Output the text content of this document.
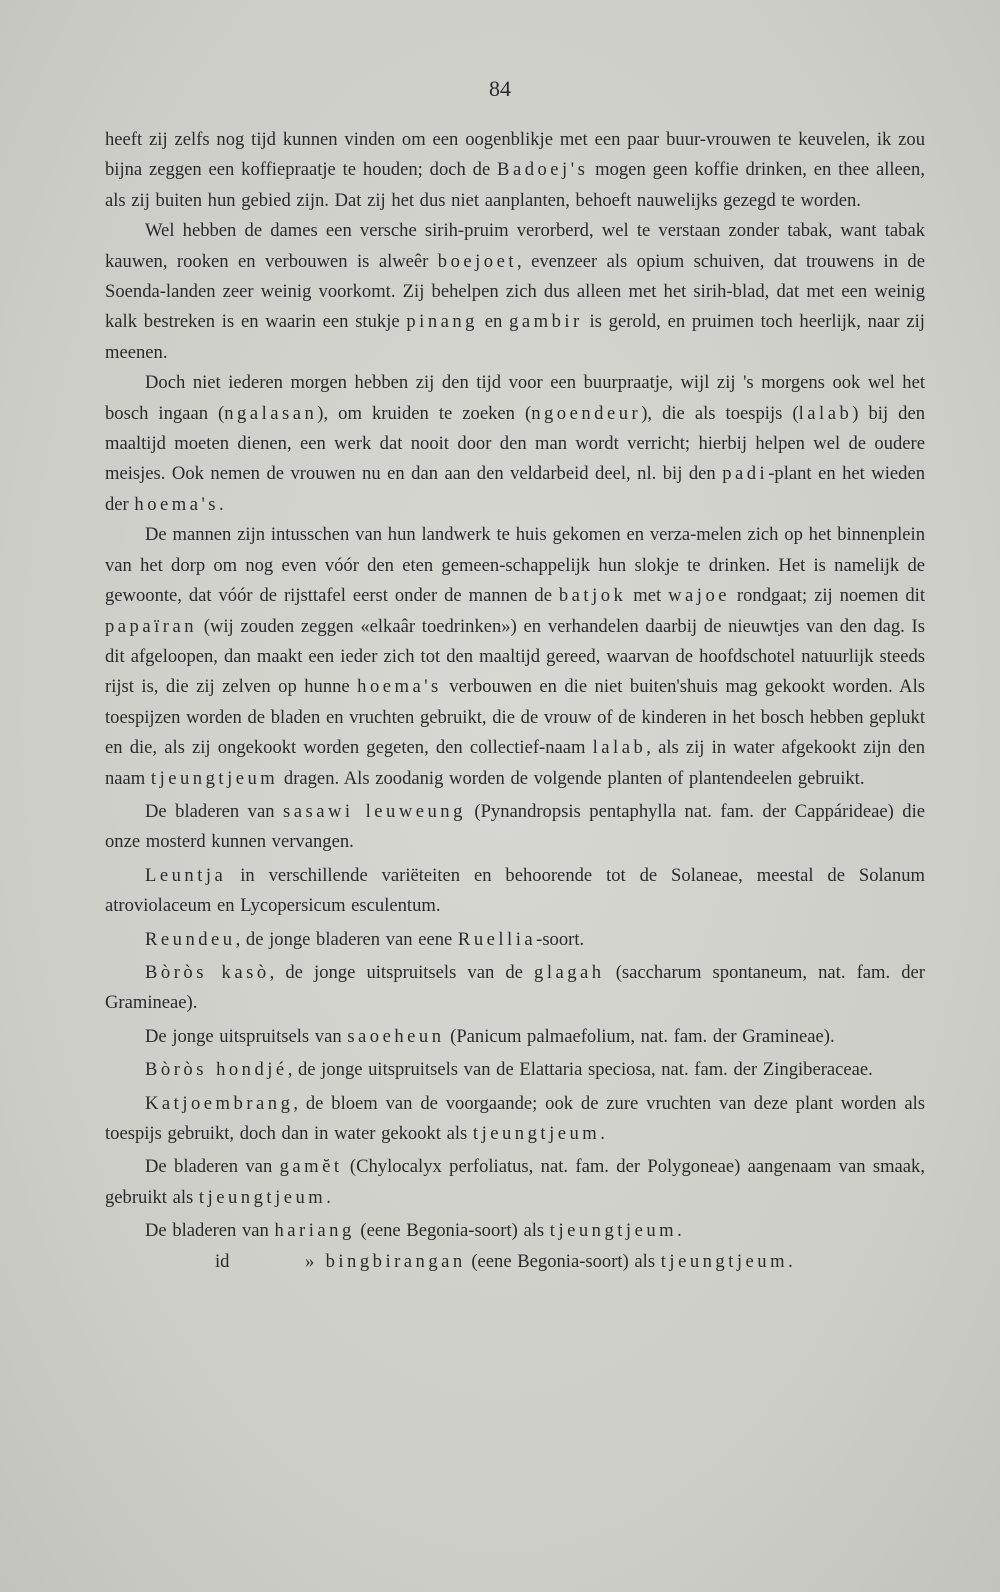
84

heeft zij zelfs nog tijd kunnen vinden om een oogenblikje met een paar buur-vrouwen te keuvelen, ik zou bijna zeggen een koffiepraatje te houden; doch de Badoej's mogen geen koffie drinken, en thee alleen, als zij buiten hun gebied zijn. Dat zij het dus niet aanplanten, behoeft nauwelijks gezegd te worden.

Wel hebben de dames een versche sirih-pruim verorberd, wel te verstaan zonder tabak, want tabak kauwen, rooken en verbouwen is alweêr boejoet, evenzeer als opium schuiven, dat trouwens in de Soenda-landen zeer weinig voorkomt. Zij behelpen zich dus alleen met het sirih-blad, dat met een weinig kalk bestreken is en waarin een stukje pinang en gambir is gerold, en pruimen toch heerlijk, naar zij meenen.

Doch niet iederen morgen hebben zij den tijd voor een buurpraatje, wijl zij 's morgens ook wel het bosch ingaan (ngalasan), om kruiden te zoeken (ngoendeur), die als toespijs (lalab) bij den maaltijd moeten dienen, een werk dat nooit door den man wordt verricht; hierbij helpen wel de oudere meisjes. Ook nemen de vrouwen nu en dan aan den veldarbeid deel, nl. bij den padi-plant en het wieden der hoema's.

De mannen zijn intusschen van hun landwerk te huis gekomen en verza-melen zich op het binnenplein van het dorp om nog even vóór den eten gemeen-schappelijk hun slokje te drinken. Het is namelijk de gewoonte, dat vóór de rijsttafel eerst onder de mannen de batjok met wajoe rondgaat; zij noemen dit papaïran (wij zouden zeggen «elkaâr toedrinken») en verhandelen daarbij de nieuwtjes van den dag. Is dit afgeloopen, dan maakt een ieder zich tot den maaltijd gereed, waarvan de hoofdschotel natuurlijk steeds rijst is, die zij zelven op hunne hoema's verbouwen en die niet buiten'shuis mag gekookt worden. Als toespijzen worden de bladen en vruchten gebruikt, die de vrouw of de kinderen in het bosch hebben geplukt en die, als zij ongekookt worden gegeten, den collectief-naam lalab, als zij in water afgekookt zijn den naam tjeungtjeum dragen. Als zoodanig worden de volgende planten of plantendeelen gebruikt.

De bladeren van sasawi leuweung (Pynandropsis pentaphylla nat. fam. der Cappárideae) die onze mosterd kunnen vervangen.

Leuntja in verschillende variëteiten en behoorende tot de Solaneae, meestal de Solanum atroviolaceum en Lycopersicum esculentum.

Reundeu, de jonge bladeren van eene Ruellia-soort.

Bòròs kasò, de jonge uitspruitsels van de glagah (saccharum spontaneum, nat. fam. der Gramineae).

De jonge uitspruitsels van saoeheun (Panicum palmaefolium, nat. fam. der Gramineae).

Bòròs hondjé, de jonge uitspruitsels van de Elattaria speciosa, nat. fam. der Zingiberaceae.

Katjoembrang, de bloem van de voorgaande; ook de zure vruchten van deze plant worden als toespijs gebruikt, doch dan in water gekookt als tjeungtjeum.

De bladeren van gamĕt (Chylocalyx perfoliatus, nat. fam. der Polygoneae) aangenaam van smaak, gebruikt als tjeungtjeum.

De bladeren van hariang (eene Begonia-soort) als tjeungtjeum.

id	» bingbirangan (eene Begonia-soort) als tjeungtjeum.
